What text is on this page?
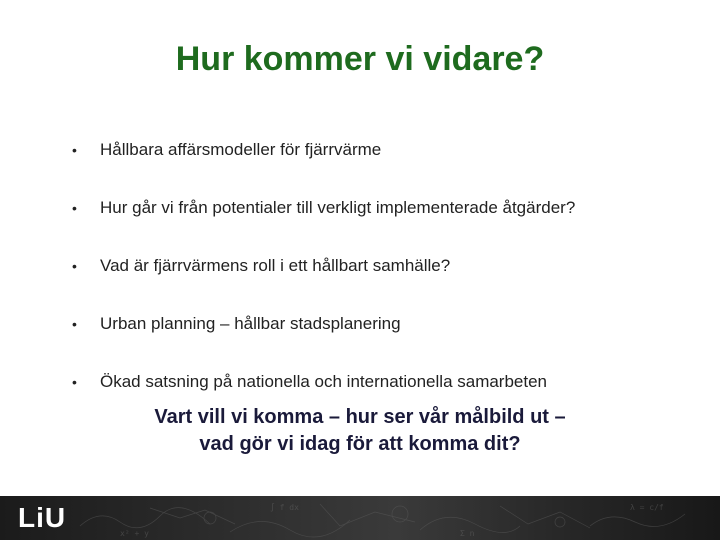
Hur kommer vi vidare?
•	Hållbara affärsmodeller för fjärrvärme
•	Hur går vi från potentialer till verkligt implementerade åtgärder?
•	Vad är fjärrvärmens roll i ett hållbart samhälle?
•	Urban planning – hållbar stadsplanering
•	Ökad satsning på nationella och internationella samarbeten
Vart vill vi komma – hur ser vår målbild ut –
vad gör vi idag för att komma dit?
x² + y
∫ f dx
Σ n
λ = c/f
LiU
